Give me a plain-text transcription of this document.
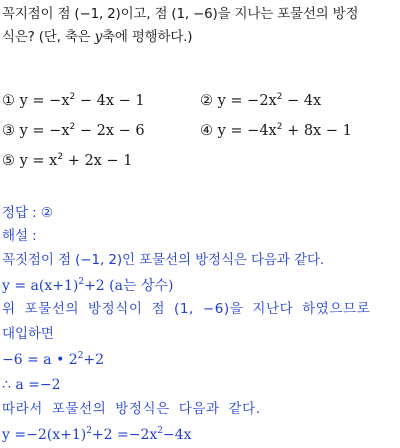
꼭지점이 점 (−1, 2)이고, 점 (1, −6)을 지나는 포물선의 방정
식은? (단, 축은 y축에 평행하다.)
① $y = -x^2 - 4x - 1$	② $y = -2x^2 - 4x$
③ $y = -x^2 - 2x - 6$	④ $y = -4x^2 + 8x - 1$
⑤ $y = x^2 + 2x - 1$
정답 : ②
해설 :
꼭짓점이 점 (−1, 2)인 포물선의 방정식은 다음과 같다.
$y = a(x+1)^2+2$ (a는 상수)
위 포물선의 방정식이 점 (1, −6)을 지난다 하였으므로
대입하면
−6 = a • $2^2+2$
∴ a =−2
따라서 포물선의 방정식은 다음과 같다.
$y =-2(x+1)^2+2 =-2x^2-4x$
